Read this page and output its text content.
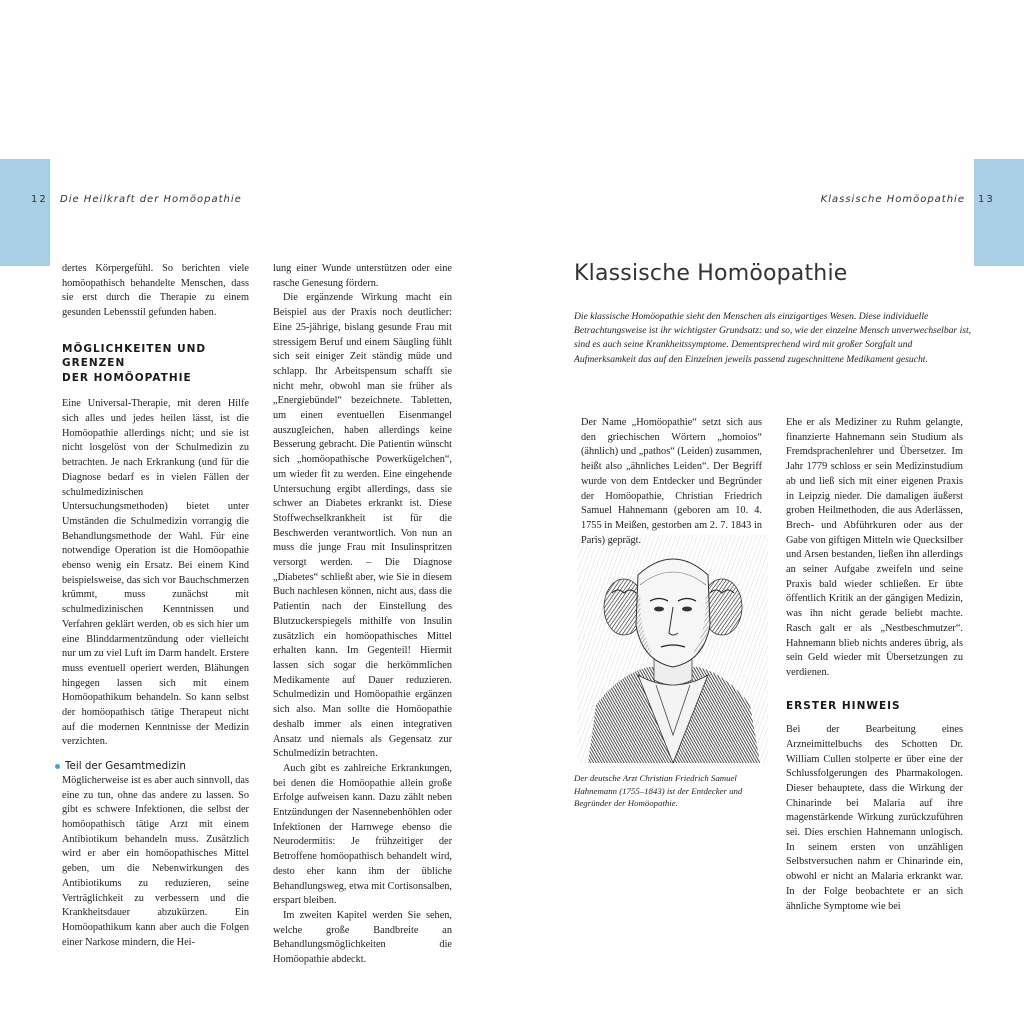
12 Die Heilkraft der Homöopathie

dertes Körpergefühl. So berichten viele homöopathisch behandelte Menschen, dass sie erst durch die Therapie zu einem gesunden Lebensstil gefunden haben.

MÖGLICHKEITEN UND GRENZEN
DER HOMÖOPATHIE

Eine Universal-Therapie, mit deren Hilfe sich alles und jedes heilen lässt, ist die Homöopathie allerdings nicht; und sie ist nicht losgelöst von der Schulmedizin zu betrachten. Je nach Erkrankung (und für die Diagnose bedarf es in vielen Fällen der schulmedizinischen Untersuchungsmethoden) bietet unter Umständen die Schulmedizin vorrangig die Behandlungsmethode der Wahl. Für eine notwendige Operation ist die Homöopathie ebenso wenig ein Ersatz. Bei einem Kind beispielsweise, das sich vor Bauchschmerzen krümmt, muss zunächst mit schulmedizinischen Kenntnissen und Verfahren geklärt werden, ob es sich hier um eine Blinddarmentzündung oder vielleicht nur um zu viel Luft im Darm handelt. Erstere muss eventuell operiert werden, Blähungen hingegen lassen sich mit einem Homöopathikum behandeln. So kann selbst der homöopathisch tätige Therapeut nicht auf die modernen Kenntnisse der Medizin verzichten.

Teil der Gesamtmedizin

Möglicherweise ist es aber auch sinnvoll, das eine zu tun, ohne das andere zu lassen. So gibt es schwere Infektionen, die selbst der homöopathisch tätige Arzt mit einem Antibiotikum behandeln muss. Zusätzlich wird er aber ein homöopathisches Mittel geben, um die Nebenwirkungen des Antibiotikums zu reduzieren, seine Verträglichkeit zu verbessern und die Krankheitsdauer abzukürzen. Ein Homöopathikum kann aber auch die Folgen einer Narkose mindern, die Hei-

lung einer Wunde unterstützen oder eine rasche Genesung fördern.

Die ergänzende Wirkung macht ein Beispiel aus der Praxis noch deutlicher: Eine 25-jährige, bislang gesunde Frau mit stressigem Beruf und einem Säugling fühlt sich seit einiger Zeit ständig müde und schlapp. Ihr Arbeitspensum schafft sie nicht mehr, obwohl man sie früher als „Energiebündel“ bezeichnete. Tabletten, um einen eventuellen Eisenmangel auszugleichen, haben allerdings keine Besserung gebracht. Die Patientin wünscht sich „homöopathische Powerkügelchen“, um wieder fit zu werden. Eine eingehende Untersuchung ergibt allerdings, dass sie schwer an Diabetes erkrankt ist. Diese Stoffwechselkrankheit ist für die Beschwerden verantwortlich. Von nun an muss die junge Frau mit Insulinspritzen versorgt werden. – Die Diagnose „Diabetes“ schließt aber, wie Sie in diesem Buch nachlesen können, nicht aus, dass die Patientin nach der Einstellung des Blutzuckerspiegels mithilfe von Insulin zusätzlich ein homöopathisches Mittel erhalten kann. Im Gegenteil! Hiermit lassen sich sogar die herkömmlichen Medikamente auf Dauer reduzieren. Schulmedizin und Homöopathie ergänzen sich also. Man sollte die Homöopathie deshalb immer als einen integrativen Ansatz und niemals als Gegensatz zur Schulmedizin betrachten.

Auch gibt es zahlreiche Erkrankungen, bei denen die Homöopathie allein große Erfolge aufweisen kann. Dazu zählt neben Entzündungen der Nasennebenhöhlen oder Infektionen der Harnwege ebenso die Neurodermitis: Je frühzeitiger der Betroffene homöopathisch behandelt wird, desto eher kann ihm der übliche Behandlungsweg, etwa mit Cortisonsalben, erspart bleiben.

Im zweiten Kapitel werden Sie sehen, welche große Bandbreite an Behandlungsmöglichkeiten die Homöopathie abdeckt.

Klassische Homöopathie 13
Klassische Homöopathie
Die klassische Homöopathie sieht den Menschen als einzigartiges Wesen. Diese individuelle Betrachtungsweise ist ihr wichtigster Grundsatz: und so, wie der einzelne Mensch unverwechselbar ist, sind es auch seine Krankheitssymptome. Dementsprechend wird mit großer Sorgfalt und Aufmerksamkeit das auf den Einzelnen jeweils passend zugeschnittene Medikament gesucht.

Der Name „Homöopathie“ setzt sich aus den griechischen Wörtern „homoios“ (ähnlich) und „pathos“ (Leiden) zusammen, heißt also „ähnliches Leiden“. Der Begriff wurde von dem Entdecker und Begründer der Homöopathie, Christian Friedrich Samuel Hahnemann (geboren am 10. 4. 1755 in Meißen, gestorben am 2. 7. 1843 in Paris) geprägt.

Der deutsche Arzt Christian Friedrich Samuel Hahnemann (1755–1843) ist der Entdecker und Begründer der Homöopathie.

Ehe er als Mediziner zu Ruhm gelangte, finanzierte Hahnemann sein Studium als Fremdsprachenlehrer und Übersetzer. Im Jahr 1779 schloss er sein Medizinstudium ab und ließ sich mit einer eigenen Praxis in Leipzig nieder. Die damaligen äußerst groben Heilmethoden, die aus Aderlässen, Brech- und Abführkuren oder aus der Gabe von giftigen Mitteln wie Quecksilber und Arsen bestanden, ließen ihn allerdings an seiner Aufgabe zweifeln und seine Praxis bald wieder schließen. Er übte öffentlich Kritik an der gängigen Medizin, was ihn nicht gerade beliebt machte. Rasch galt er als „Nestbeschmutzer“. Hahnemann blieb nichts anderes übrig, als sein Geld wieder mit Übersetzungen zu verdienen.

ERSTER HINWEIS

Bei der Bearbeitung eines Arzneimittelbuchs des Schotten Dr. William Cullen stolperte er über eine der Schlussfolgerungen des Pharmakologen. Dieser behauptete, dass die Wirkung der Chinarinde bei Malaria auf ihre magenstärkende Wirkung zurückzuführen sei. Dies erschien Hahnemann unlogisch. In seinem ersten von unzähligen Selbstversuchen nahm er Chinarinde ein, obwohl er nicht an Malaria erkrankt war. In der Folge beobachtete er an sich ähnliche Symptome wie bei
